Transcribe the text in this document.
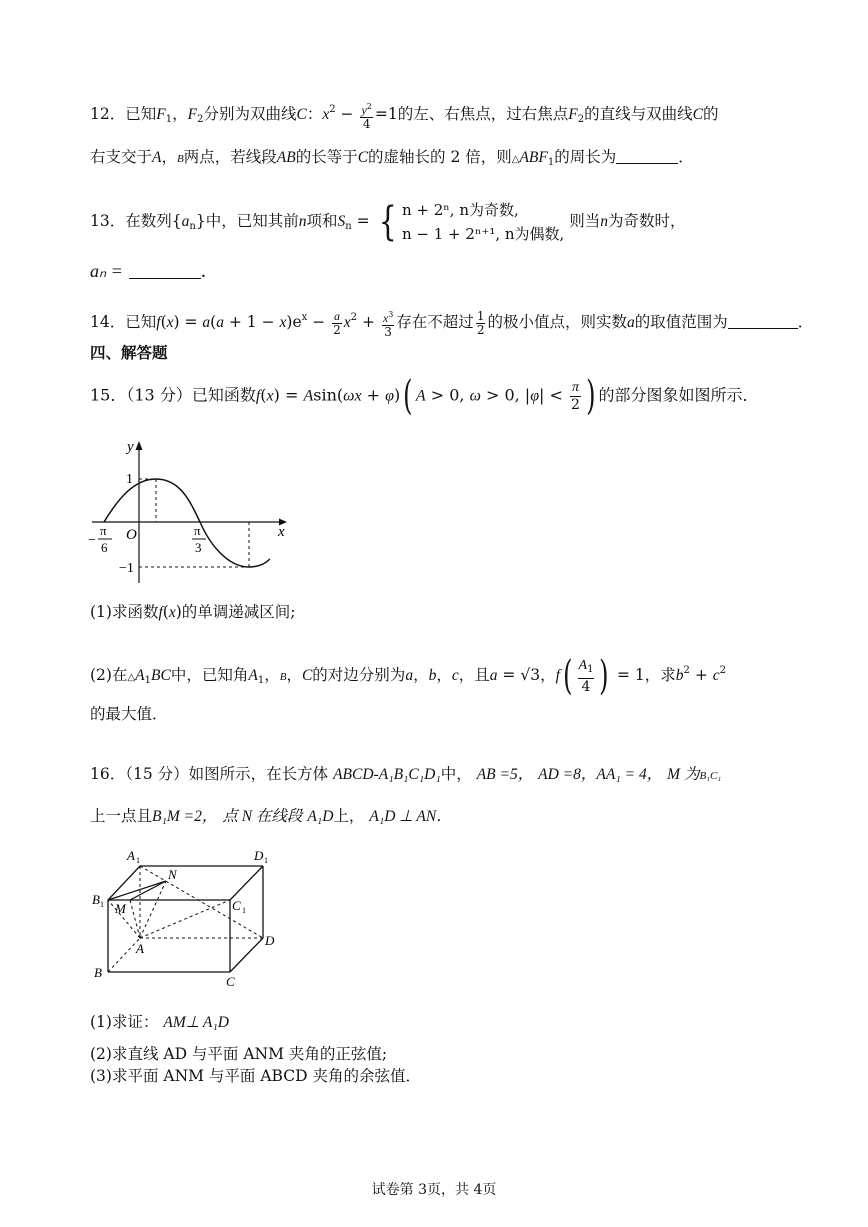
12．已知$F_1$，$F_2$分别为双曲线C：$x^2 - \frac{y^2}{4} =1$的左、右焦点，过右焦点$F_2$的直线与双曲线C的
右支交于A，B两点，若线段AB的长等于C的虚轴长的 2 倍，则$\triangle ABF_1$的周长为	．
13．在数列$\{a_n\}$中，已知其前n项和$S_n$ = { n + 2ⁿ, n为奇数,
n − 1 + 2ⁿ⁺¹, n为偶数,
则当n为奇数时，
aₙ =	．
14．已知$f(x) = a(a + 1 - x)e^x - \frac{a}{2} x^2 + \frac{x^3}{3}$ 存在不超过 $\frac{1}{2}$ 的极小值点，则实数a的取值范围为	．
四、解答题
15．（13 分）已知函数f(x) = Asin(ωx + φ)( A > 0, ω > 0, $|\varphi| < \frac{\pi}{2}$ ) 的部分图象如图所示．
y
x
O
1
−1
−
π
6
π
3
(1)求函数f(x)的单调递减区间;
(2)在$\triangle A_1BC$中，已知角$A_1$，B，C的对边分别为a，b，c，且a = √3，$f( \frac{A_1}{4}$ ) = 1，求$b^2 + c^2$
的最大值．
16．（15 分）如图所示，在长方体 ABCD-A₁B₁C₁D₁中， AB =5， AD =8，AA₁ = 4， M 为B₁C₁
上一点且B₁M =2， 点 N 在线段 A₁D上， A₁D ⊥ AN．
A 1	D 1
B 1	C 1
N
M
A
D
B
C
(1)求证： AM⊥ A₁D
(2)求直线 AD 与平面 ANM 夹角的正弦值;
(3)求平面 ANM 与平面 ABCD 夹角的余弦值．
试卷第 3页，共 4页
